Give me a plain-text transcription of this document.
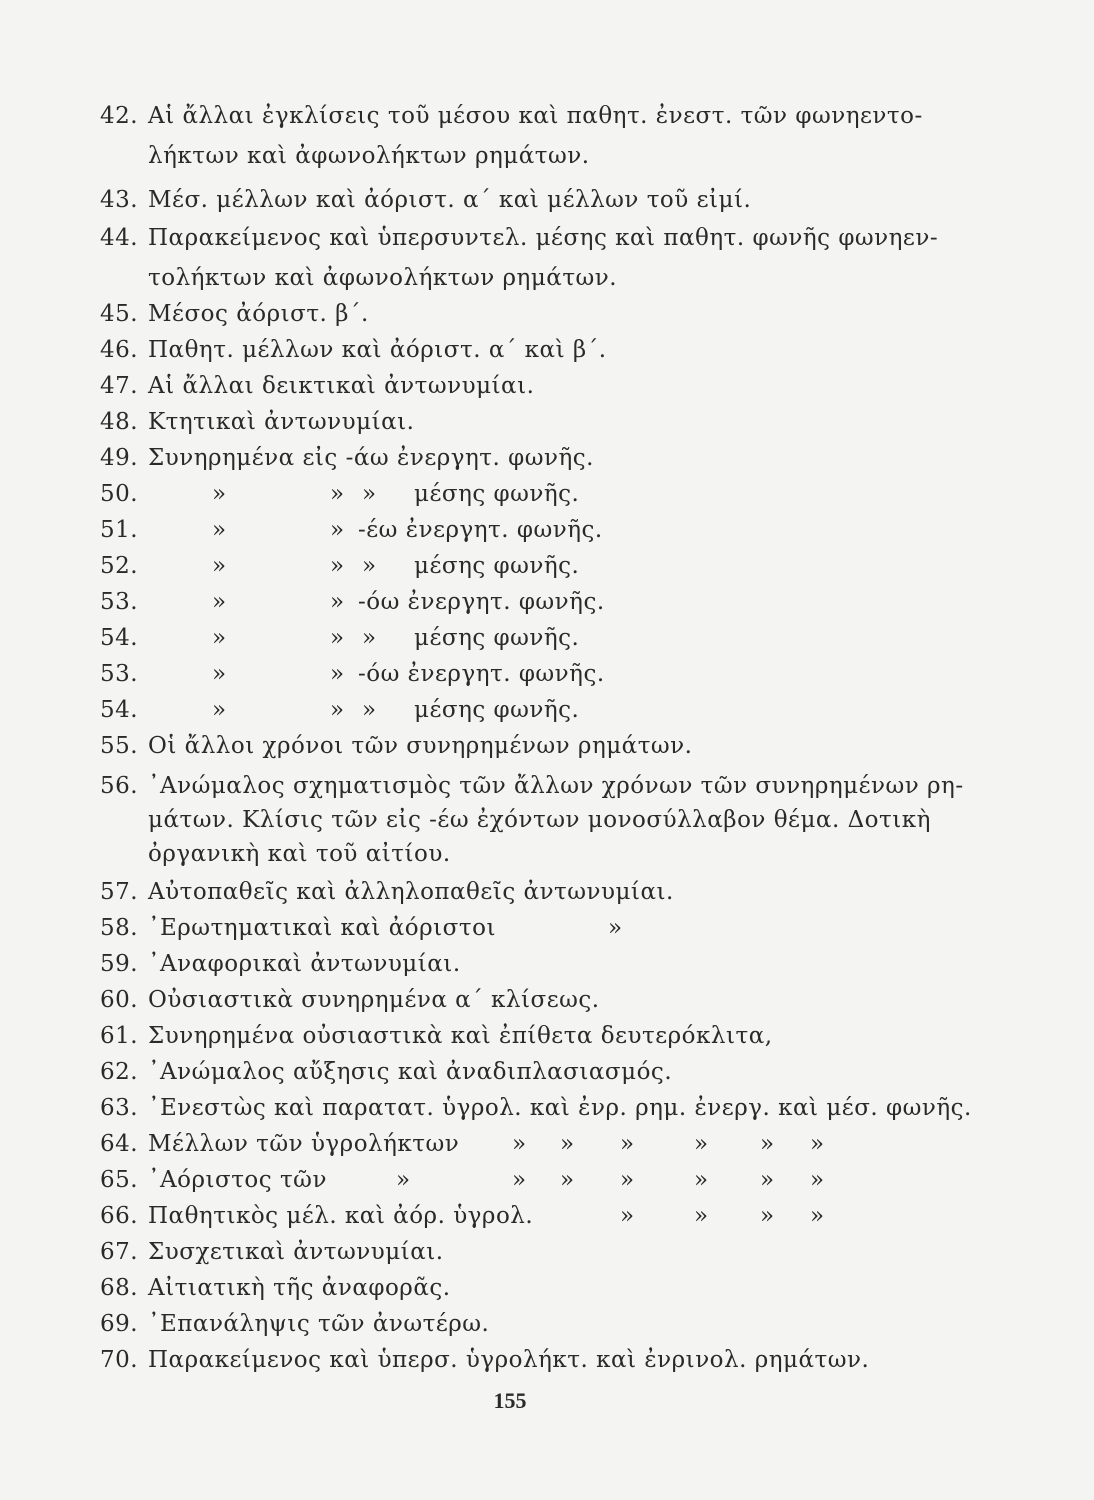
42. Αἱ ἄλλαι ἐγκλίσεις τοῦ μέσου καὶ παθητ. ἐνεστ. τῶν φωνηεντο-
λήκτων καὶ ἀφωνολήκτων ρημάτων.
43. Μέσ. μέλλων καὶ ἀόριστ. α΄ καὶ μέλλων τοῦ εἰμί.
44. Παρακείμενος καὶ ὑπερσυντελ. μέσης καὶ παθητ. φωνῆς φωνηεν-
τολήκτων καὶ ἀφωνολήκτων ρημάτων.
45. Μέσος ἀόριστ. β΄.
46. Παθητ. μέλλων καὶ ἀόριστ. α΄ καὶ β΄.
47. Αἱ ἄλλαι δεικτικαὶ ἀντωνυμίαι.
48. Κτητικαὶ ἀντωνυμίαι.
49. Συνηρημένα εἰς -άω ἐνεργητ. φωνῆς.
50.	»	» » μέσης φωνῆς.
51.	»	» -έω ἐνεργητ. φωνῆς.
52.	»	» » μέσης φωνῆς.
53.	»	» -όω ἐνεργητ. φωνῆς.
54.	»	» » μέσης φωνῆς.
53.	»	» -όω ἐνεργητ. φωνῆς.
54.	»	» » μέσης φωνῆς.
55. Οἱ ἄλλοι χρόνοι τῶν συνηρημένων ρημάτων.
56. ᾿Ανώμαλος σχηματισμὸς τῶν ἄλλων χρόνων τῶν συνηρημένων ρη-
μάτων. Κλίσις τῶν εἰς -έω ἐχόντων μονοσύλλαβον θέμα. Δοτικὴ
ὀργανικὴ καὶ τοῦ αἰτίου.
57. Αὐτοπαθεῖς καὶ ἀλληλοπαθεῖς ἀντωνυμίαι.
58. ᾿Ερωτηματικαὶ καὶ ἀόριστοι	»
59. ᾿Αναφορικαὶ ἀντωνυμίαι.
60. Οὐσιαστικὰ συνηρημένα α΄ κλίσεως.
61. Συνηρημένα οὐσιαστικὰ καὶ ἐπίθετα δευτερόκλιτα,
62. ᾿Ανώμαλος αὔξησις καὶ ἀναδιπλασιασμός.
63. ᾿Ενεστὼς καὶ παρατατ. ὑγρολ. καὶ ἐνρ. ρημ. ἐνεργ. καὶ μέσ. φωνῆς.
64. Μέλλων τῶν ὑγρολήκτων » » »	» » »
65. ᾿Αόριστος τῶν	»	» » »	» » »
66. Παθητικὸς μέλ. καὶ ἀόρ. ὑγρολ.	»	» » »
67. Συσχετικαὶ ἀντωνυμίαι.
68. Αἰτιατικὴ τῆς ἀναφορᾶς.
69. ᾿Επανάληψις τῶν ἀνωτέρω.
70. Παρακείμενος καὶ ὑπερσ. ὑγρολήκτ. καὶ ἐνρινολ. ρημάτων.
155
